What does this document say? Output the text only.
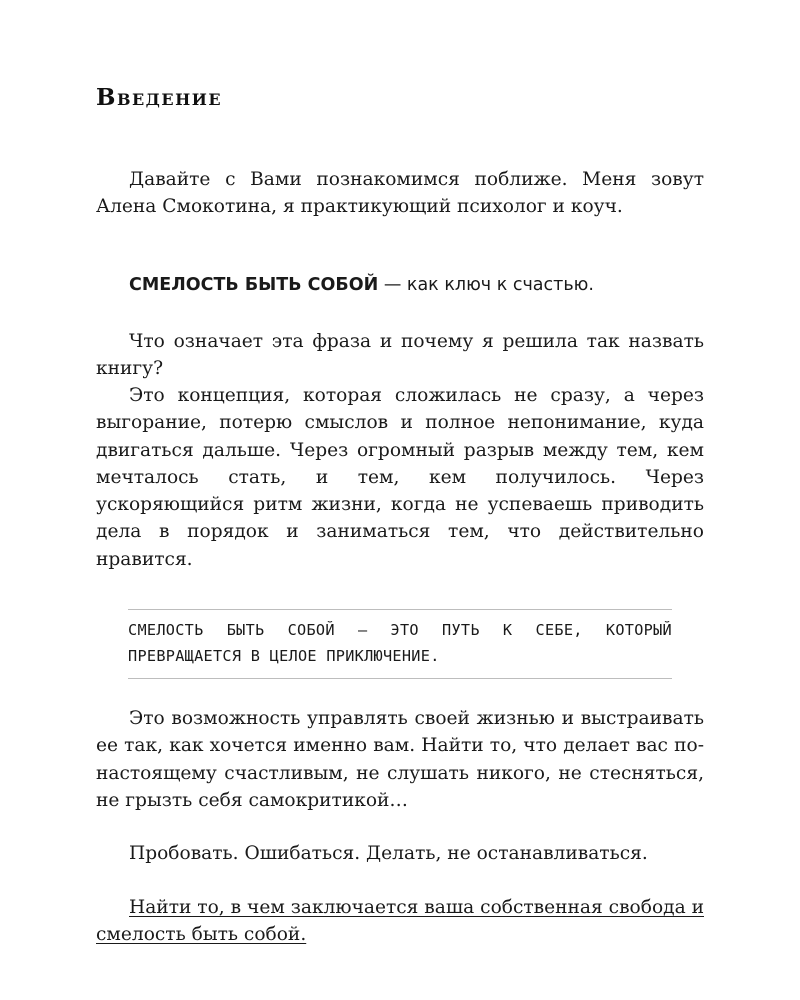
Введение

Давайте с Вами познакомимся поближе. Меня зовут Алена Смокотина, я практикующий психолог и коуч.

СМЕЛОСТЬ БЫТЬ СОБОЙ — как ключ к счастью.

Что означает эта фраза и почему я решила так назвать книгу?

Это концепция, которая сложилась не сразу, а через выгорание, потерю смыслов и полное непонимание, куда двигаться дальше. Через огромный разрыв между тем, кем мечталось стать, и тем, кем получилось. Через ускоряющийся ритм жизни, когда не успеваешь приводить дела в порядок и заниматься тем, что действительно нравится.

СМЕЛОСТЬ БЫТЬ СОБОЙ — ЭТО ПУТЬ К СЕБЕ, КОТОРЫЙ ПРЕВРАЩАЕТСЯ В ЦЕЛОЕ ПРИКЛЮЧЕНИЕ.

Это возможность управлять своей жизнью и выстраивать ее так, как хочется именно вам. Найти то, что делает вас по-настоящему счастливым, не слушать никого, не стесняться, не грызть себя самокритикой…

Пробовать. Ошибаться. Делать, не останавливаться.

Найти то, в чем заключается ваша собственная свобода и смелость быть собой.
